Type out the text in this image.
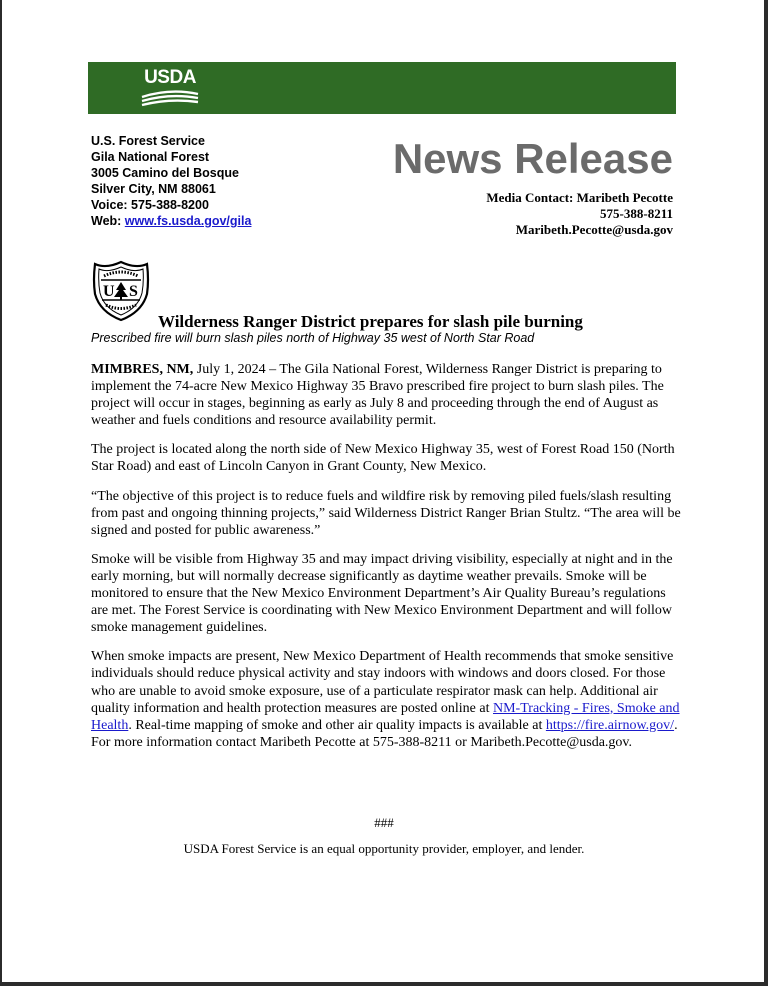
USDA
U.S. Forest Service
Gila National Forest
3005 Camino del Bosque
Silver City, NM 88061
Voice: 575-388-8200
Web: www.fs.usda.gov/gila
News Release
Media Contact: Maribeth Pecotte
575-388-8211
Maribeth.Pecotte@usda.gov
U S
Wilderness Ranger District prepares for slash pile burning
Prescribed fire will burn slash piles north of Highway 35 west of North Star Road

MIMBRES, NM, July 1, 2024 – The Gila National Forest, Wilderness Ranger District is preparing to implement the 74-acre New Mexico Highway 35 Bravo prescribed fire project to burn slash piles. The project will occur in stages, beginning as early as July 8 and proceeding through the end of August as weather and fuels conditions and resource availability permit.

The project is located along the north side of New Mexico Highway 35, west of Forest Road 150 (North Star Road) and east of Lincoln Canyon in Grant County, New Mexico.

“The objective of this project is to reduce fuels and wildfire risk by removing piled fuels/slash resulting from past and ongoing thinning projects,” said Wilderness District Ranger Brian Stultz. “The area will be signed and posted for public awareness.”

Smoke will be visible from Highway 35 and may impact driving visibility, especially at night and in the early morning, but will normally decrease significantly as daytime weather prevails. Smoke will be monitored to ensure that the New Mexico Environment Department’s Air Quality Bureau’s regulations are met. The Forest Service is coordinating with New Mexico Environment Department and will follow smoke management guidelines.

When smoke impacts are present, New Mexico Department of Health recommends that smoke sensitive individuals should reduce physical activity and stay indoors with windows and doors closed. For those who are unable to avoid smoke exposure, use of a particulate respirator mask can help. Additional air quality information and health protection measures are posted online at NM-Tracking - Fires, Smoke and Health. Real-time mapping of smoke and other air quality impacts is available at https://fire.airnow.gov/. For more information contact Maribeth Pecotte at 575-388-8211 or Maribeth.Pecotte@usda.gov.

###
USDA Forest Service is an equal opportunity provider, employer, and lender.
